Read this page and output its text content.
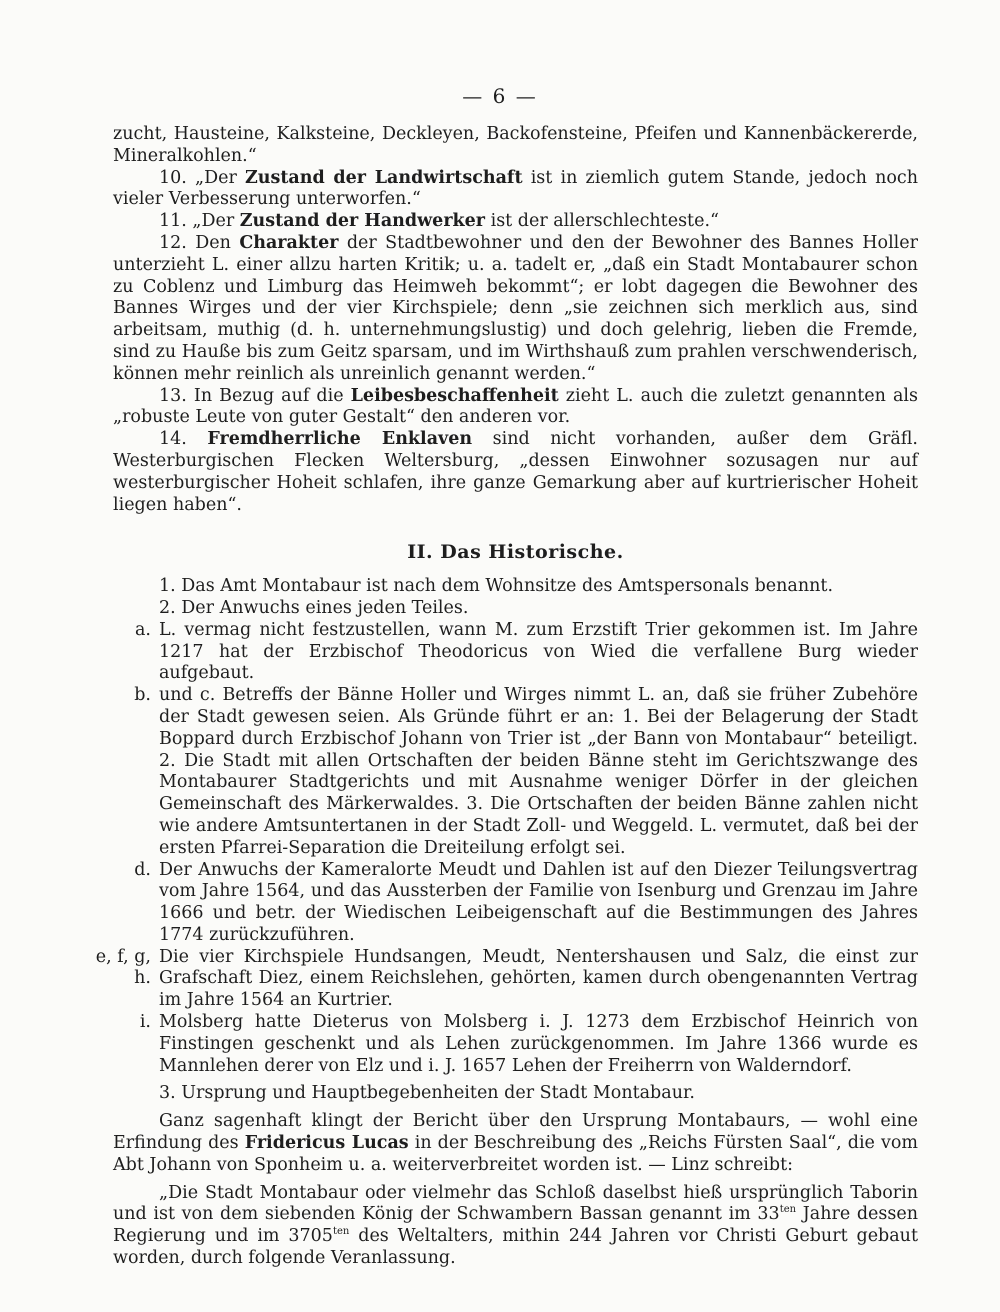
— 6 —

zucht, Hausteine, Kalksteine, Deckleyen, Backofensteine, Pfeifen und Kannenbäckererde, Mineralkohlen.“

10. „Der Zustand der Landwirtschaft ist in ziemlich gutem Stande, jedoch noch vieler Verbesserung unterworfen.“

11. „Der Zustand der Handwerker ist der allerschlechteste.“

12. Den Charakter der Stadtbewohner und den der Bewohner des Bannes Holler unterzieht L. einer allzu harten Kritik; u. a. tadelt er, „daß ein Stadt Montabaurer schon zu Coblenz und Limburg das Heimweh bekommt“; er lobt dagegen die Bewohner des Bannes Wirges und der vier Kirchspiele; denn „sie zeichnen sich merklich aus, sind arbeitsam, muthig (d. h. unternehmungslustig) und doch gelehrig, lieben die Fremde, sind zu Hauße bis zum Geitz sparsam, und im Wirthshauß zum prahlen verschwenderisch, können mehr reinlich als unreinlich genannt werden.“

13. In Bezug auf die Leibesbeschaffenheit zieht L. auch die zuletzt genannten als „robuste Leute von guter Gestalt“ den anderen vor.

14. Fremdherrliche Enklaven sind nicht vorhanden, außer dem Gräfl. Westerburgischen Flecken Weltersburg, „dessen Einwohner sozusagen nur auf westerburgischer Hoheit schlafen, ihre ganze Gemarkung aber auf kurtrierischer Hoheit liegen haben“.

II. Das Historische.

1. Das Amt Montabaur ist nach dem Wohnsitze des Amtspersonals benannt.

2. Der Anwuchs eines jeden Teiles.

a. L. vermag nicht festzustellen, wann M. zum Erzstift Trier gekommen ist. Im Jahre 1217 hat der Erzbischof Theodoricus von Wied die verfallene Burg wieder aufgebaut.
b. und c. Betreffs der Bänne Holler und Wirges nimmt L. an, daß sie früher Zubehöre der Stadt gewesen seien. Als Gründe führt er an: 1. Bei der Belagerung der Stadt Boppard durch Erzbischof Johann von Trier ist „der Bann von Montabaur“ beteiligt. 2. Die Stadt mit allen Ortschaften der beiden Bänne steht im Gerichtszwange des Montabaurer Stadtgerichts und mit Ausnahme weniger Dörfer in der gleichen Gemeinschaft des Märkerwaldes. 3. Die Ortschaften der beiden Bänne zahlen nicht wie andere Amtsuntertanen in der Stadt Zoll- und Weggeld. L. vermutet, daß bei der ersten Pfarrei-Separation die Dreiteilung erfolgt sei.
d. Der Anwuchs der Kameralorte Meudt und Dahlen ist auf den Diezer Teilungsvertrag vom Jahre 1564, und das Aussterben der Familie von Isenburg und Grenzau im Jahre 1666 und betr. der Wiedischen Leibeigenschaft auf die Bestimmungen des Jahres 1774 zurückzuführen.
e, f, g, h.
Die vier Kirchspiele Hundsangen, Meudt, Nentershausen und Salz, die einst zur Grafschaft Diez, einem Reichslehen, gehörten, kamen durch obengenannten Vertrag im Jahre 1564 an Kurtrier.
i. Molsberg hatte Dieterus von Molsberg i. J. 1273 dem Erzbischof Heinrich von Finstingen geschenkt und als Lehen zurückgenommen. Im Jahre 1366 wurde es Mannlehen derer von Elz und i. J. 1657 Lehen der Freiherrn von Walderndorf.

3. Ursprung und Hauptbegebenheiten der Stadt Montabaur.

Ganz sagenhaft klingt der Bericht über den Ursprung Montabaurs, — wohl eine Erfindung des Fridericus Lucas in der Beschreibung des „Reichs Fürsten Saal“, die vom Abt Johann von Sponheim u. a. weiterverbreitet worden ist. — Linz schreibt:

„Die Stadt Montabaur oder vielmehr das Schloß daselbst hieß ursprünglich Taborin und ist von dem siebenden König der Schwambern Bassan genannt im $33^{ten}$ Jahre dessen Regierung und im $3705^{ten}$ des Weltalters, mithin 244 Jahren vor Christi Geburt gebaut worden, durch folgende Veranlassung.
